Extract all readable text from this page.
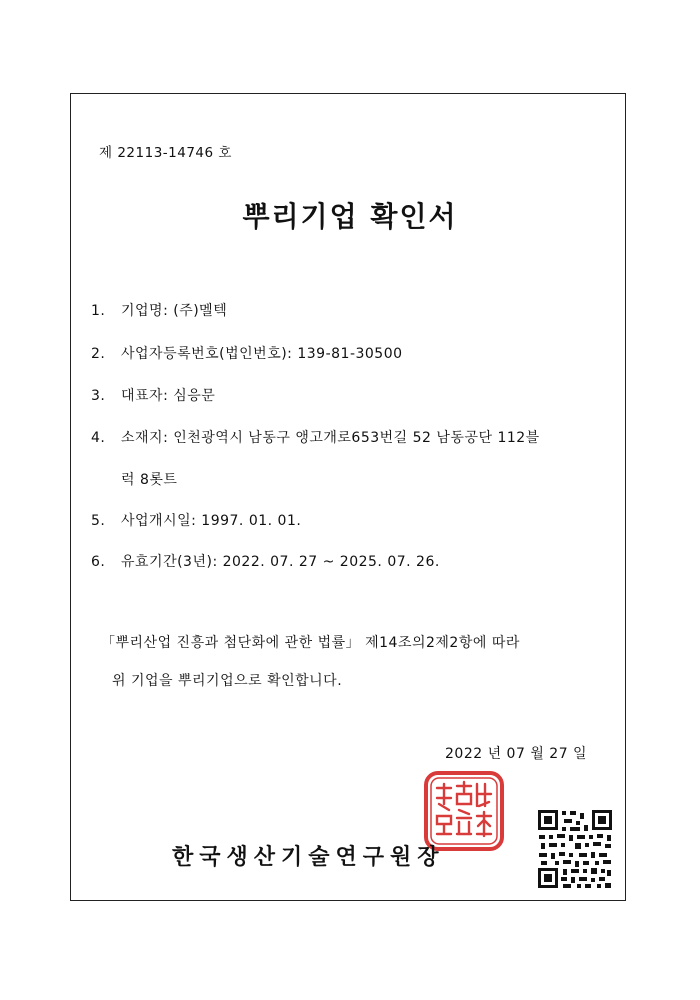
제 22113-14746 호
뿌리기업 확인서
1. 기업명: (주)멜텍
2. 사업자등록번호(법인번호): 139-81-30500
3. 대표자: 심응문
4. 소재지: 인천광역시 남동구 앵고개로653번길 52 남동공단 112블
럭 8롯트
5. 사업개시일: 1997. 01. 01.
6. 유효기간(3년): 2022. 07. 27 ~ 2025. 07. 26.
「뿌리산업 진흥과 첨단화에 관한 법률」 제14조의2제2항에 따라
위 기업을 뿌리기업으로 확인합니다.
2022 년 07 월 27 일
한국생산기술연구원장
